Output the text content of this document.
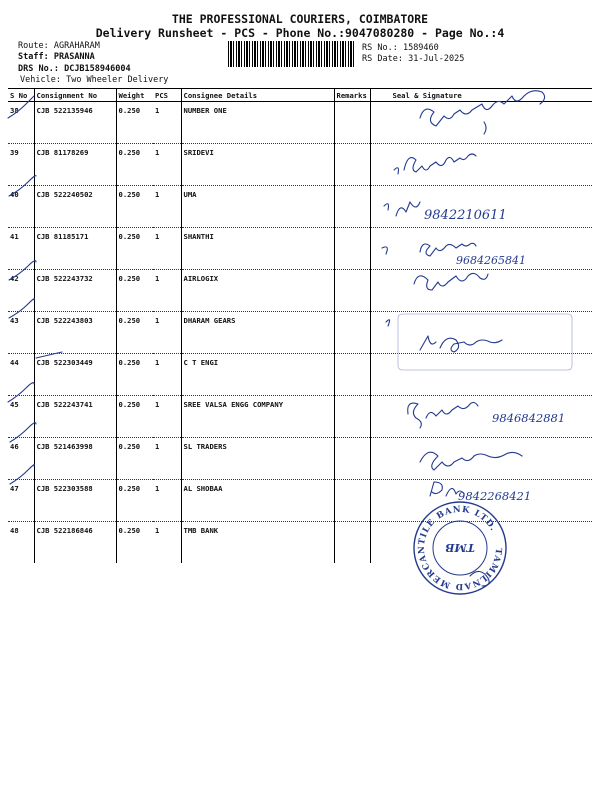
THE PROFESSIONAL COURIERS, COIMBATORE
Delivery Runsheet - PCS - Phone No.:9047080280 - Page No.:4
Route: AGRAHARAM
Staff: PRASANNA
DRS No.: DCJB158946004
Vehicle: Two Wheeler Delivery
RS No.: 1589460
RS Date: 31-Jul-2025
S No	Consignment No	Weight	PCS	Consignee Details	Remarks	Seal & Signature
38	CJB 522135946	0.250	1	NUMBER ONE		
39	CJB 81178269	0.250	1	SRIDEVI		
40	CJB 522240502	0.250	1	UMA		
41	CJB 81185171	0.250	1	SHANTHI		
42	CJB 522243732	0.250	1	AIRLOGIX		
43	CJB 522243803	0.250	1	DHARAM GEARS		
44	CJB 522303449	0.250	1	C T ENGI		
45	CJB 522243741	0.250	1	SREE VALSA ENGG COMPANY		
46	CJB 521463998	0.250	1	SL TRADERS		
47	CJB 522303588	0.250	1	AL SHOBAA		
48	CJB 522186846	0.250	1	TMB BANK		
9842210611
9684265841
9846842881
9842268421
TAMILNAD MERCANTILE BANK LTD.
TMB
